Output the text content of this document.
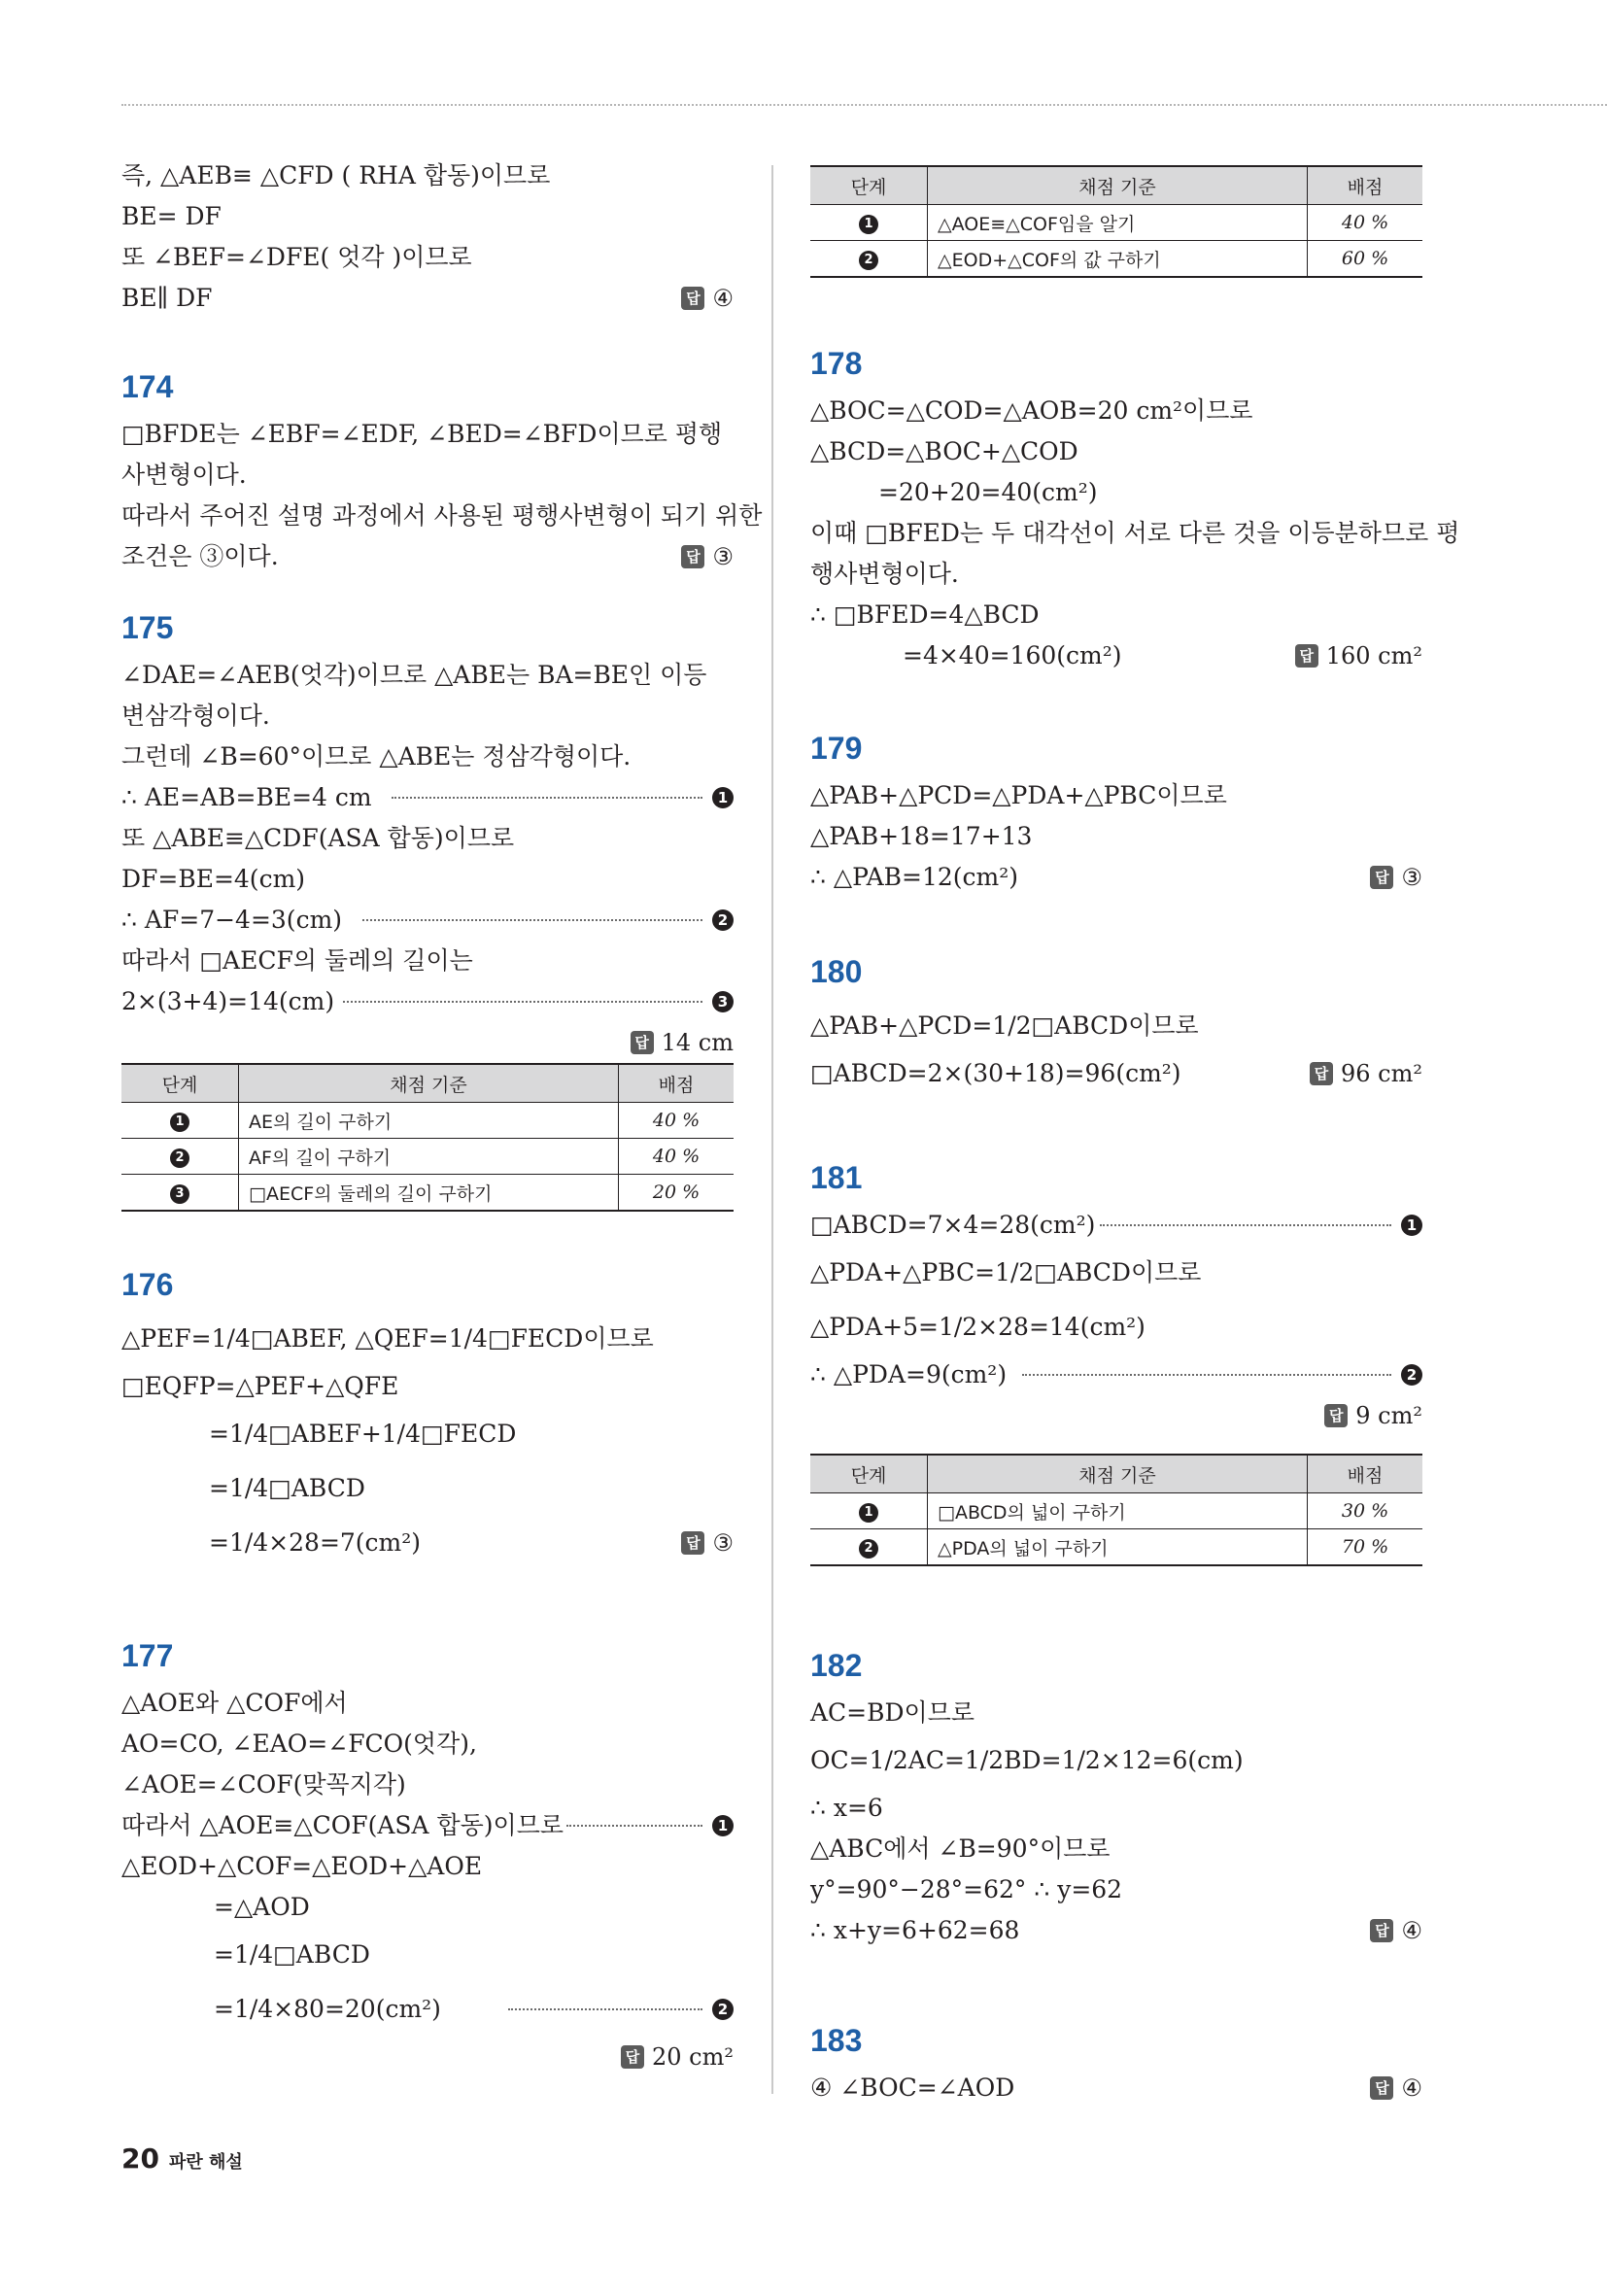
즉, △AEB≡ △CFD ( RHA 합동)이므로
BE= DF
또 ∠BEF=∠DFE( 엇각 )이므로
BE∥ DF	답 ④
174
□BFDE는 ∠EBF=∠EDF, ∠BED=∠BFD이므로 평행
사변형이다.
따라서 주어진 설명 과정에서 사용된 평행사변형이 되기 위한
조건은 ③이다.	답 ③
175
∠DAE=∠AEB(엇각)이므로 △ABE는 BA=BE인 이등
변삼각형이다.
그런데 ∠B=60°이므로 △ABE는 정삼각형이다.
∴ AE=AB=BE=4 cm	1
또 △ABE≡△CDF(ASA 합동)이므로
DF=BE=4(cm)
∴ AF=7−4=3(cm)	2
따라서 □AECF의 둘레의 길이는
2×(3+4)=14(cm)	3
답 14 cm
단계	채점 기준	배점
1	AE의 길이 구하기	40 %
2	AF의 길이 구하기	40 %
3	□AECF의 둘레의 길이 구하기	20 %
176
△PEF=1/4□ABEF, △QEF=1/4□FECD이므로
□EQFP=△PEF+△QFE
=1/4□ABEF+1/4□FECD
=1/4□ABCD
=1/4×28=7(cm²)	답 ③
177
△AOE와 △COF에서
AO=CO, ∠EAO=∠FCO(엇각),
∠AOE=∠COF(맞꼭지각)
따라서 △AOE≡△COF(ASA 합동)이므로	1
△EOD+△COF=△EOD+△AOE
=△AOD
=1/4□ABCD
=1/4×80=20(cm²)	2
답 20 cm²
단계	채점 기준	배점
1	△AOE≡△COF임을 알기	40 %
2	△EOD+△COF의 값 구하기	60 %
178
△BOC=△COD=△AOB=20 cm²이므로
△BCD=△BOC+△COD
=20+20=40(cm²)
이때 □BFED는 두 대각선이 서로 다른 것을 이등분하므로 평
행사변형이다.
∴ □BFED=4△BCD
=4×40=160(cm²)	답 160 cm²
179
△PAB+△PCD=△PDA+△PBC이므로
△PAB+18=17+13
∴ △PAB=12(cm²)	답 ③
180
△PAB+△PCD=1/2□ABCD이므로
□ABCD=2×(30+18)=96(cm²)	답 96 cm²
181
□ABCD=7×4=28(cm²)	1
△PDA+△PBC=1/2□ABCD이므로
△PDA+5=1/2×28=14(cm²)
∴ △PDA=9(cm²)	2
답 9 cm²
단계	채점 기준	배점
1	□ABCD의 넓이 구하기	30 %
2	△PDA의 넓이 구하기	70 %
182
AC=BD이므로
OC=1/2AC=1/2BD=1/2×12=6(cm)
∴ x=6
△ABC에서 ∠B=90°이므로
y°=90°−28°=62° ∴ y=62
∴ x+y=6+62=68	답 ④
183
④ ∠BOC=∠AOD	답 ④
20 파란 해설
